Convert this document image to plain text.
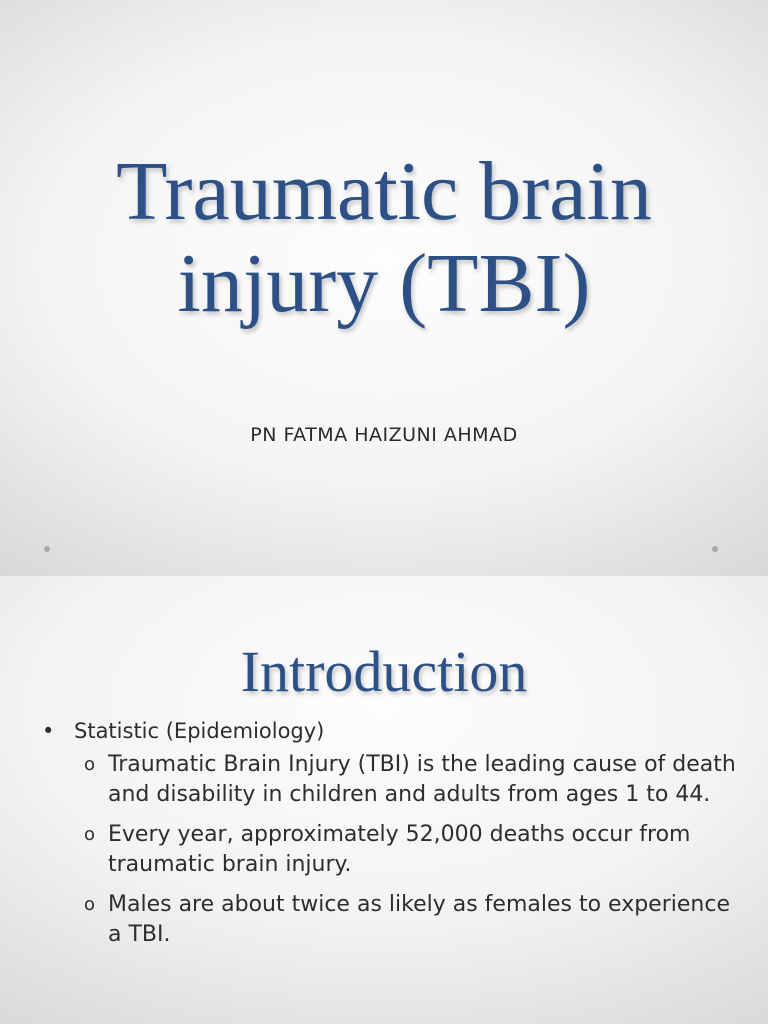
Traumatic brain
injury (TBI)
PN FATMA HAIZUNI AHMAD
Introduction
• Statistic (Epidemiology)
o Traumatic Brain Injury (TBI) is the leading cause of death and disability in children and adults from ages 1 to 44.
o Every year, approximately 52,000 deaths occur from traumatic brain injury.
o Males are about twice as likely as females to experience a TBI.
